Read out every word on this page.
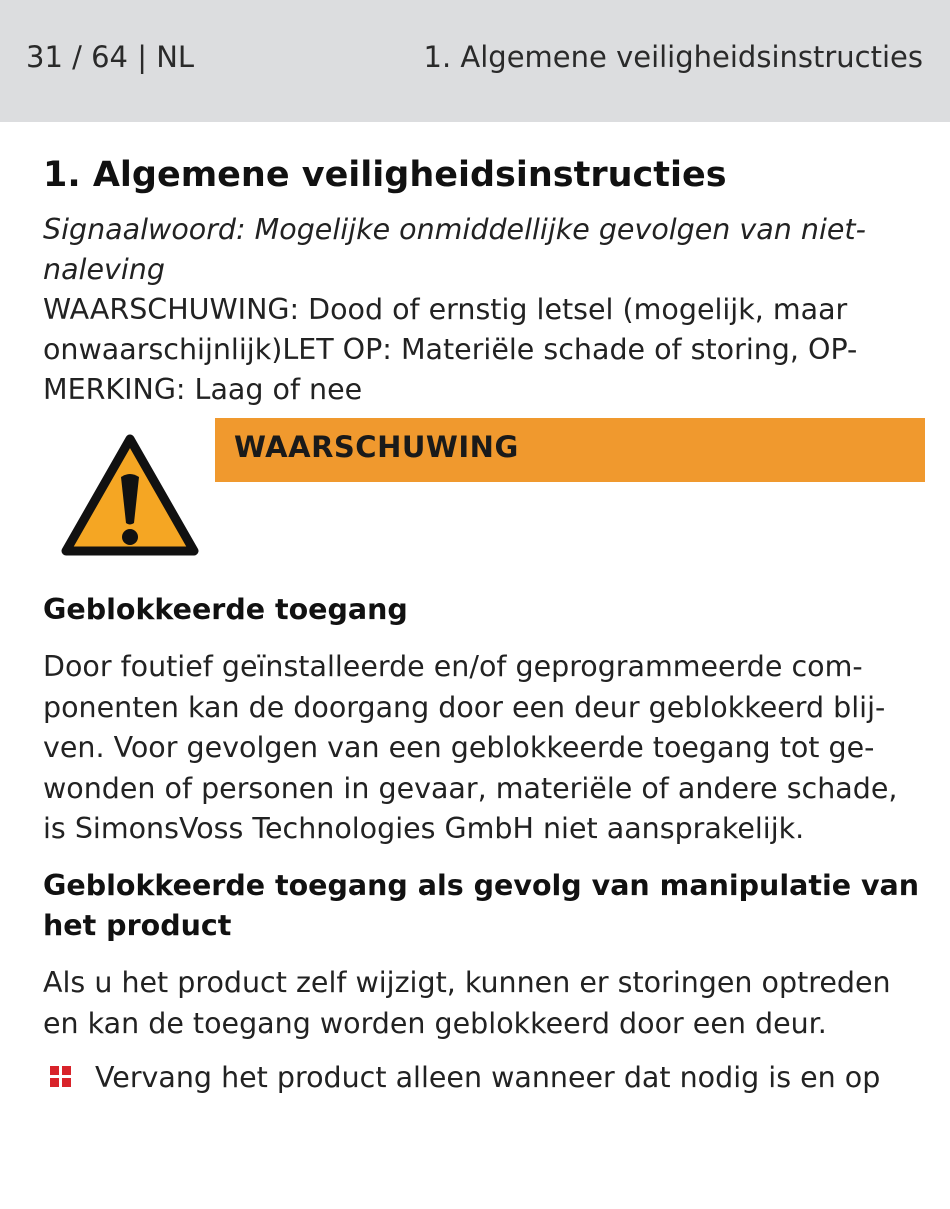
31 / 64 | NL	1. Algemene veiligheidsinstructies
1. Algemene veiligheidsinstructies
Signaalwoord: Mogelijke onmiddellijke gevolgen van niet-naleving
WAARSCHUWING: Dood of ernstig letsel (mogelijk, maar onwaarschijnlijk)LET OP: Materiële schade of storing, OP-MERKING: Laag of nee
WAARSCHUWING
Geblokkeerde toegang
Door foutief geïnstalleerde en/of geprogrammeerde com-ponenten kan de doorgang door een deur geblokkeerd blij-ven. Voor gevolgen van een geblokkeerde toegang tot ge-wonden of personen in gevaar, materiële of andere schade, is SimonsVoss Technologies GmbH niet aansprakelijk.
Geblokkeerde toegang als gevolg van manipulatie van het product
Als u het product zelf wijzigt, kunnen er storingen optreden en kan de toegang worden geblokkeerd door een deur.
Vervang het product alleen wanneer dat nodig is en op
